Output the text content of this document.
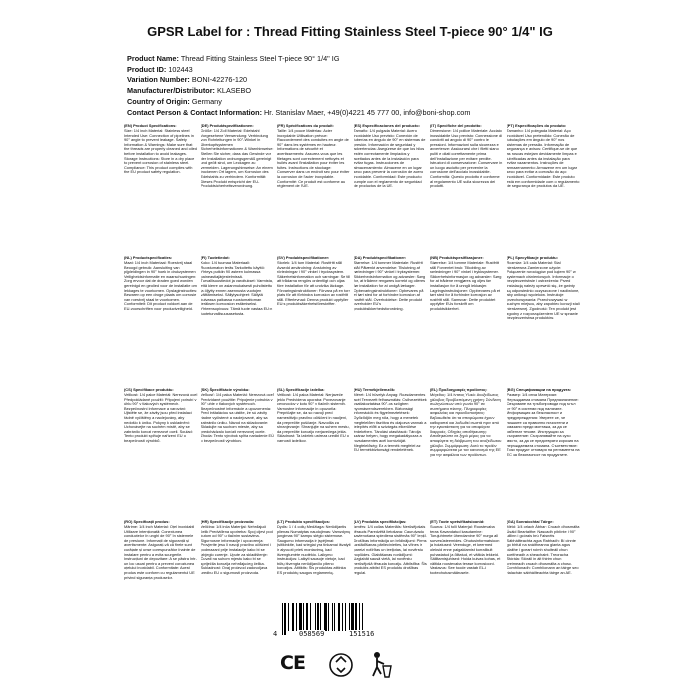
GPSR Label for : Thread Fitting Stainless Steel T-piece 90° 1/4" IG
Product Name: Thread Fitting Stainless Steel T-piece 90° 1/4" IG
Product ID: 102443
Variation Number: BONI-42276-120
Manufacturer/Distributor: KLASEBO
Country of Origin: Germany
Contact Person & Contact Information: Hr. Stanislav Maer, +49(0)4221 45 777 00, info@boni-shop.com
(EN) Product Specifications:

Size: 1/4 inch Material: Stainless steel Intended Use: Connection of pipelines in 90° angle to prevent leakage. Safety Information & Warnings: Make sure that the threads are properly cleaned and oiled before installation to avoid leakages. Storage Instructions: Store in a dry place to prevent corrosion of stainless steel. Compliance: This product complies with the EU product safety regulation.

(DE) Produktspezifikationen:

Größe: 1/4 Zoll Material: Edelstahl Vorgesehene Verwendung: Verbindung von Rohrleitungen in 90°-Winkel in Überkopfsystemen Sicherheitsinformationen & Warnhinweise: Stellen Sie sicher, dass das Gewinde vor der Installation ordnungsgemäß gereinigt und geölt sind, um Leckagen zu vermeiden. Lagerungshinweise: An einem trockenen Ort lagern, um Korrosion des Edelstahls zu verhindern. Konformität: Dieses Produkt entspricht der EU-Produktsicherheitsverordnung.

(FR) Spécifications du produit:

Taille: 1/4 pouce Matériau: Acier inoxydable Utilisation prévue: Raccordement des conduites en angle de 90° dans les systèmes en hauteur. Informations de sécurité et avertissements: Assurez-vous que les filetages sont correctement nettoyés et huilés avant l'installation pour éviter les fuites. Instructions de stockage: Conserver dans un endroit sec pour éviter la corrosion de l'acier inoxydable. Conformité: Ce produit est conforme au règlement de l'UE.

(ES) Especificaciones del producto:

Tamaño: 1/4 pulgada Material: Acero inoxidable Uso previsto: Conexión de tuberías en ángulo de 90° en sistemas de presión. Información de seguridad y advertencias: Asegúrese de que los hilos estén correctamente limpiados y aceitados antes de la instalación para evitar fugas. Instrucciones de almacenamiento: Almacene en un lugar seco para prevenir la corrosión de acero inoxidable. Conformidad: Este producto cumple con el reglamento de seguridad de productos de la UE.

(IT) Specifiche del prodotto:

Dimensione: 1/4 pollice Materiale: Acciaio inossidabile Uso previsto: Connessione di condotti ad angolo di 90° contro le pressioni. Informazioni sulla sicurezza e avvertenze: Assicurarsi che i filetti siano puliti e oliati correttamente prima dell'installazione per evitare perdite. Istruzioni di conservazione: Conservare in un luogo asciutto per prevenire la corrosione dell'acciaio inossidabile. Conformità: Questo prodotto è conforme al regolamento UE sulla sicurezza dei prodotti.

(PT) Especificações do produto:

Tamanho: 1/4 polegada Material: Aço inoxidável Uso pretendido: Conexão de tubulações em ângulo de 90° nos sistemas de pressão. Informação de segurança e avisos: Certifique-se de que as roscas estejam devidamente limpas e lubrificadas antes da instalação para evitar vazamentos. Instruções de armazenamento: Armazene em um lugar seco para evitar a corrosão do aço inoxidável. Conformidade: Este produto está em conformidade com o regulamento de segurança de produtos da UE.

(NL) Productspecificaties:

Maat: 1/4 inch Materiaal: Roestvrij staal Beoogd gebruik: Aansluiting van pijpleidingen in 90° hoek in drukzystemen Veiligheidsinformatie en waarschuwingen: Zorg ervoor dat de draden goed worden gereinigd en geolied voor de installatie om lekkages te voorkomen. Opslaginstructies: Bewaren op een droge plaats om corrosie van roestvrij staal te voorkomen. Conformiteit: Dit product voldoet aan de EU-voorschriften voor productveiligheid.

(FI) Tuotetiedot:

Koko: 1/4 tuumaa Materiaali: Ruostumaton teräs Tarkoitettu käyttö: Yhteys putkiin 90 asteen kulmassa paineastiajärjestelmissä. Turvallisuustiedot ja varoitukset: Varmista, että kierre on asianmukaisesti puhdistettu ja öljytty ennen asennusta vuotojen välttämiseksi. Säilytysohjeet: Säilytä kuivassa paikassa ruostumattoman teräksen korroosion estämiseksi. Yhteensopivuus: Tämä tuote vastaa EU:n tuoteturvallisuusasetusta.

(SV) Produktspecifikationer:

Storlek: 1/4 tum Material: Rostfritt stål Avsedd användning: Anslutning av rörledningar i 90° vinkel i tryckssystem. Säkerhetsinformation och varningar: Se till att trådarna rengörs ordentligt och oljas före installation för att undvika läckage. Förvaringsinstruktioner: Förvara på en torr plats för att förhindra korrosion av rostfritt stål. Efterlevnad: Denna produkt uppfyller EU:s produktsäkerhetsföreskrifter.

(DA) Produktspecifikationer:

Størrelse: 1/4 tommer Materiale: Rustfrit stål Påtænkt anvendelse: Tilslutning af rørledninger i 90° vinkel i tryksystemer. Sikkerhedsinformation og advarsler: Sørg for, at trådene rengøres korrekt og olieres før installation for at undgå lækager. Opbevaringsinstruktioner: Opbevares på et tørt sted for at forhindre korrosion af rustfrit stål. Overholdelse: Dette produkt overholder EU's produktsikkerhedsforordning.

(NB) Produktspesifikasjoner:

Størrelse: 1/4 tomme Materiale: Rustfritt stål Forventet bruk: Tilkobling av rørledninger i 90° vinkel i trykksystemer. Sikkerhetsinformasjon og advarsler: Sørg for at trådene rengjøres og oljes før installasjon for å unngå lekkasjer. Lagringsinstruksjoner: Oppbevares på et tørt sted for å forhindre korrosjon av rustfritt stål. Samsvar: Dette produktet oppfyller EUs forskrift om produktsikkerhet.

(PL) Specyfikacje produktu:

Rozmiar: 1/4 cala Materiał: Stal nierdzewna Zamierzone użycie: Połączenie rurociągów pod kątem 90° w systemach ciśnieniowych. Informacje o bezpieczeństwie i ostrzeżenia: Przed instalacją należy upewnić się, że gwinty są odpowiednio oczyszczone i naoliwione, aby uniknąć wycieków. Instrukcje przechowywania: Przechowywać w suchym miejscu, aby zapobiec korozji stali nierdzewnej. Zgodność: Ten produkt jest zgodny z rozporządzeniem UE w sprawie bezpieczeństwa produktów.

(CS) Specifikace produktu:

Velikost: 1/4 palce Materiál: Nerezová ocel Předpokládané použití: Připojení potrubí v úhlu 90° v tlakových systémech. Bezpečnostní informace a varování: Ujistěte se, že závity jsou před instalací řádně vyčištěny a naolejovány, aby nedošlo k úniku. Pokyny k uskladnění: Uchovávejte na suchém místě, aby se zabránilo korozi nerezové oceli. Soulad: Tento produkt splňuje nařízení EU o bezpečnosti výrobků.

(SK) Špecifikácie výrobku:

Veľkosť: 1/4 palca Materiál: Nerezová oceľ Predvídané použitie: Pripojenie potrubia v 90° uhle v tlakových systémoch. Bezpečnostné informácie a upozornenia: Pred inštaláciou sa uistite, že sú závity riadne vyčistené a naolejované, aby sa zabránilo úniku. Návod na skladovanie: Skladujte na suchom mieste, aby sa predchádzalo korózii nerezovej ocele. Zhoda: Tento výrobok spĺňa nariadenie EÚ o bezpečnosti výrobkov.

(SL) Specifikacije izdelka:

Velikost: 1/4 palca Material: Nerjaveče jeklo Predvidena uporaba: Povezovanje cevovodov v kotu 90° v tlačnih sistemih. Varnostne informacije in opozorila: Prepričajte se, da so navoji pred namestitvijo pravilno očiščeni in naoljeni, da preprečite puščanje. Navodila za shranjevanje: Shranjujte na suhem mestu, da preprečite korozijo nerjavečega jekla. Skladnost: Ta izdelek ustreza uredbi EU o varnosti izdelkov.

(HU) Termékjellemzők:

Méret: 1/4 hüvelyk Anyag: Rozsdamentes acél Tervezett felhasználás: Csővezetékek csatlakoztatása 90°-os szögben nyomásrendszerekben. Biztonsági információk és figyelmeztetések: Győződjön meg róla, hogy a menetek megfelelően tisztítva és olajozva vannak a telepítés előtt a szivárgás elkerülése érdekében. Tárolási utasítások: Tárolja száraz helyen, hogy megakadályozza a rozsdamentes acél korrózióját. Megfelelőség: Ez a termék megfelel az EU termékbiztonsági rendeletének.

(EL) Προδιαγραφές προϊόντος:

Μέγεθος: 1/4 ίντσας Υλικό: Ανοξείδωτος χάλυβας Προβλεπόμενη χρήση: Σύνδεση σωληνώσεων υπό γωνία 90° σε συστήματα πίεσης. Πληροφορίες ασφαλείας και προειδοποιήσεις: Βεβαιωθείτε ότι τα σπειρώματα έχουν καθαριστεί και λαδωθεί σωστά πριν από την εγκατάσταση για να αποφύγετε διαρροές. Οδηγίες αποθήκευσης: Αποθηκεύστε σε ξηρό μέρος για να αποφύγετε τη διάβρωση του ανοξείδωτου χάλυβα. Συμμόρφωση: Αυτό το προϊόν συμμορφώνεται με τον κανονισμό της ΕΕ για την ασφάλεια των προϊόντων.

(BG) Спецификации на продукта:

Размер: 1/4 инча Материал: Неръждаема стомана Предназначение: Свързване на тръбопроводи под ъгъл от 90° в системи под налягане. Информация за безопасност и предупреждения: Уверете се, че нишките са правилно почистени и смазани преди монтажа, за да се избегнат течове. Инструкции за съхранение: Съхранявайте на сухо място, за да се предотврати корозия на неръждаемата стомана. Съответствие: Този продукт отговаря на регламента на ЕС за безопасност на продуктите.

(RO) Specificații produs:

Mărime: 1/4 inch Material: Oțel inoxidabil Utilizare intenționată: Conexiunea conductelor în unghi de 90° în sistemele de presiune. Informații de siguranță și avertismente: Asigurați-vă că firele sunt curățate și unse corespunzător înainte de instalare pentru a evita scurgerile. Instrucțiuni de depozitare: A se păstra într-un loc uscat pentru a preveni coroziunea oțelului inoxidabil. Conformitate: Acest produs este conform cu regulamentul UE privind siguranța produselor.

(HR) Specifikacije proizvoda:

Veličina: 1/4 inča Materijal: Nehrđajući čelik Predviđena upotreba: Spoj cijevi pod kutom od 90° u tlačnim sustavima. Sigurnosne informacije i upozorenja: Provjerite jesu li navoji pravilno očišćeni i podmazani prije instalacije kako bi se izbjeglo curenje. Upute za skladištenje: Čuvati na suhom mjestu kako bi se spriječila korozija nehrđajućeg čelika. Sukladnost: Ovaj proizvod zadovoljava uredbu EU o sigurnosti proizvoda.

(LT) Produkto specifikacijos:

Dydis: 1 / 4 colių Medžiaga: Nerūdijantis plienas Numatytas naudojimas: Vamzdynų jungimas 90° kampu slėgio sistemose. Saugumo informacija ir įspėjimai: Įsitikinkite, kad sriegiai yra tinkamai išvalyti ir alyvuoti prieš montavimą, kad išvengtumėte nuotėkio. Laikymo instrukcijos: Laikyti sausoje vietoje, kad būtų išvengta nerūdijančio plieno korozijos. Atitiktis: Šis produktas atitinka ES produktų saugos reglamentą.

(LV) Produkta specifikācijas:

Izmērs: 1/4 collas Materiāls: Nerūsējošais tērauds Paredzētā lietošana: Cauruļvadu savienošana spiediena sistēmās 90° leņķī. Drošības informācija un brīdinājumi: Pirms uzstādīšanas pārliecinieties, ka vītnes ir pareizi notīrītas un ieeļļotas, lai novērstu noplūdes. Glabāšanas norādījumi: Uzglabāt sausā vietā, lai novērstu nerūsējošā tērauda koroziju. Atbilstība: Šis produkts atbilst ES produktu drošības regulai.

(ET) Toote spetsifikatsioonid:

Suurus: 1/4 tolli Materjal: Roostevaba teras Kavandatud kasutamine: Torujuhtmete ühendamine 90° nurga all survesüsteemides. Ohutusinformatsioon ja hoiatused: Veenduge, et keermed oleksid enne paigaldamist korralikult puhastatud ja õlitatud, et vältida lekkeid. Säilitamisjuhised: Hoida kuivas kohas, et vältida roostevaba terase korrosiooni. Vastavus: See toode vastab EL-i tooteohutusmäärusele.

(GA) Sonraíochtaí Táirge:

Méid: 1/4 orlach Ábhar: Cruach dhosmálta Úsáid Beartaithe: Nascadh píblínte i 90° uillinn i gcórais brú Faisnéis Sábháilteachta agus Rabhadh: Bí cinnte go bhfuil na snáitheanna glanta agus olaithe i gceart roimh shuiteáil chun sceitheadh a sheachaint. Treoracha Stórála: Stóráil in áit thirim chun creimeadh cruach dhosmálta a chosc. Comhlíonadh: Comhlíonann an táirge seo rialachán sábháilteachta táirge an AE.

4	058569	151516
CE
